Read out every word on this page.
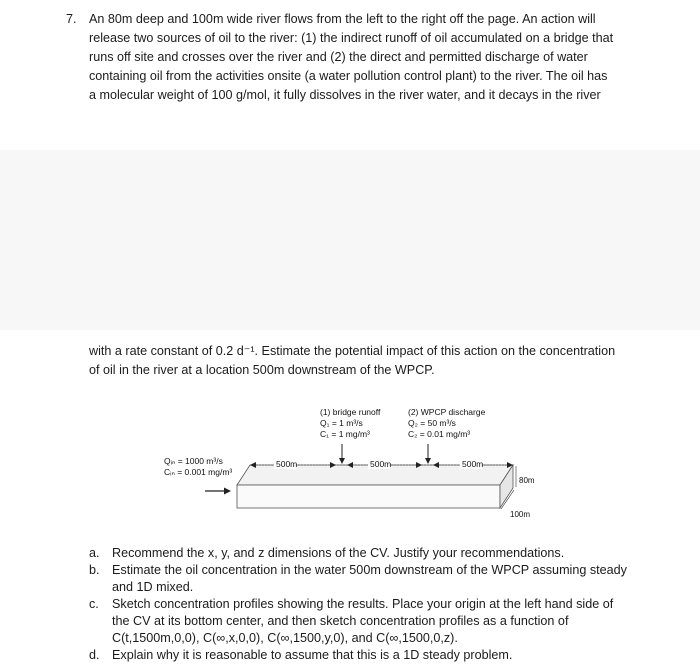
7. An 80m deep and 100m wide river flows from the left to the right off the page. An action will
release two sources of oil to the river: (1) the indirect runoff of oil accumulated on a bridge that
runs off site and crosses over the river and (2) the direct and permitted discharge of water
containing oil from the activities onsite (a water pollution control plant) to the river. The oil has
a molecular weight of 100 g/mol, it fully dissolves in the river water, and it decays in the river
with a rate constant of 0.2 d⁻¹. Estimate the potential impact of this action on the concentration
of oil in the river at a location 500m downstream of the WPCP.
(1) bridge runoff
Q₁ = 1 m³/s
C₁ = 1 mg/m³
(2) WPCP discharge
Q₂ = 50 m³/s
C₂ = 0.01 mg/m³
Qᵢₙ = 1000 m³/s
Cᵢₙ = 0.001 mg/m³
500m	500m	500m
80m
100m
a. Recommend the x, y, and z dimensions of the CV. Justify your recommendations.
b. Estimate the oil concentration in the water 500m downstream of the WPCP assuming steady
and 1D mixed.
c. Sketch concentration profiles showing the results. Place your origin at the left hand side of
the CV at its bottom center, and then sketch concentration profiles as a function of
C(t,1500m,0,0), C(∞,x,0,0), C(∞,1500,y,0), and C(∞,1500,0,z).
d. Explain why it is reasonable to assume that this is a 1D steady problem.
